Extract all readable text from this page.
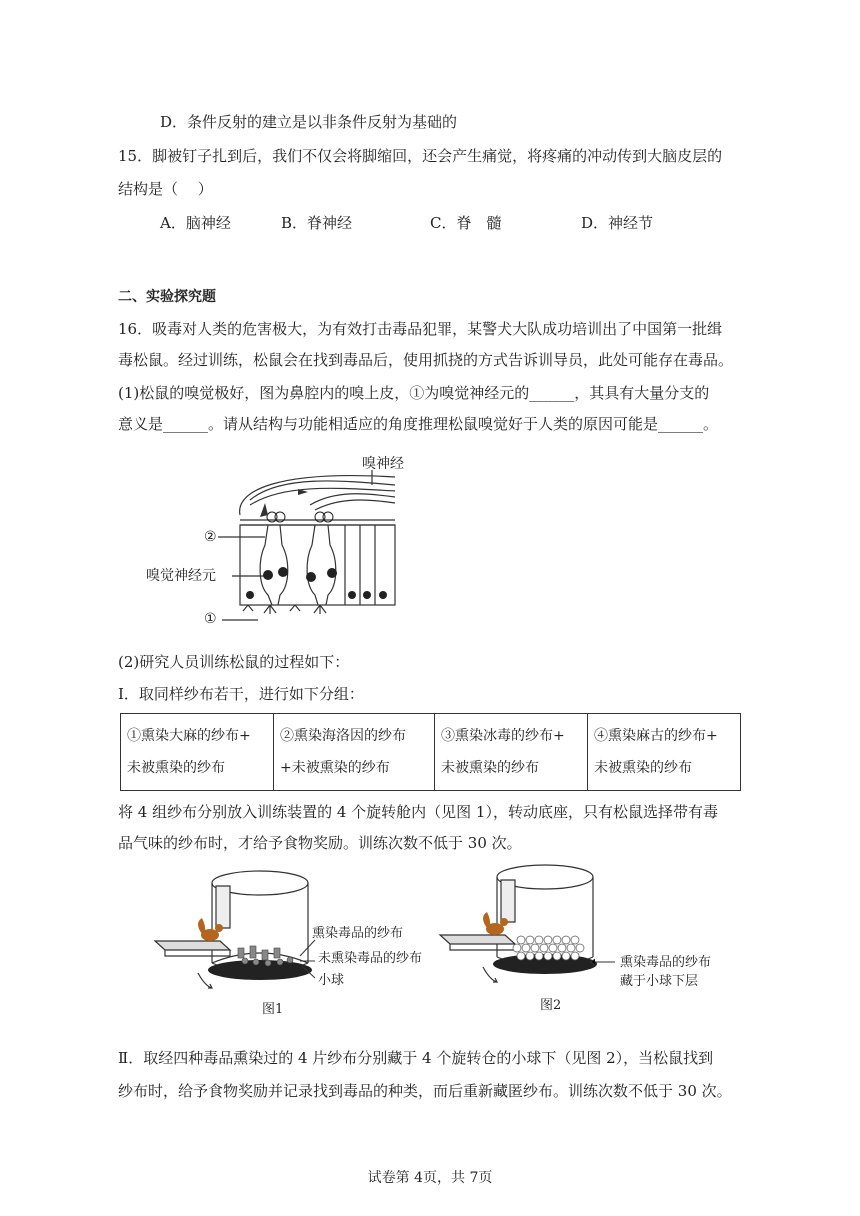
D．条件反射的建立是以非条件反射为基础的
15．脚被钉子扎到后，我们不仅会将脚缩回，还会产生痛觉，将疼痛的冲动传到大脑皮层的
结构是（　 ）
A．脑神经	B．脊神经	C．脊　髓	D．神经节
二、实验探究题
16．吸毒对人类的危害极大，为有效打击毒品犯罪，某警犬大队成功培训出了中国第一批缉
毒松鼠。经过训练，松鼠会在找到毒品后，使用抓挠的方式告诉训导员，此处可能存在毒品。
(1)松鼠的嗅觉极好，图为鼻腔内的嗅上皮，①为嗅觉神经元的______，其具有大量分支的
意义是______。请从结构与功能相适应的角度推理松鼠嗅觉好于人类的原因可能是______。
嗅神经
②
嗅觉神经元
①
(2)研究人员训练松鼠的过程如下：
Ⅰ．取同样纱布若干，进行如下分组：
①熏染大麻的纱布+
未被熏染的纱布

②熏染海洛因的纱布
+未被熏染的纱布

③熏染冰毒的纱布+
未被熏染的纱布

④熏染麻古的纱布+
未被熏染的纱布
将 4 组纱布分别放入训练装置的 4 个旋转舱内（见图 1），转动底座，只有松鼠选择带有毒
品气味的纱布时，才给予食物奖励。训练次数不低于 30 次。
熏染毒品的纱布
未熏染毒品的纱布
小球
图1
熏染毒品的纱布
藏于小球下层
图2
Ⅱ．取经四种毒品熏染过的 4 片纱布分别藏于 4 个旋转仓的小球下（见图 2），当松鼠找到
纱布时，给予食物奖励并记录找到毒品的种类，而后重新藏匿纱布。训练次数不低于 30 次。
试卷第 4页，共 7页
